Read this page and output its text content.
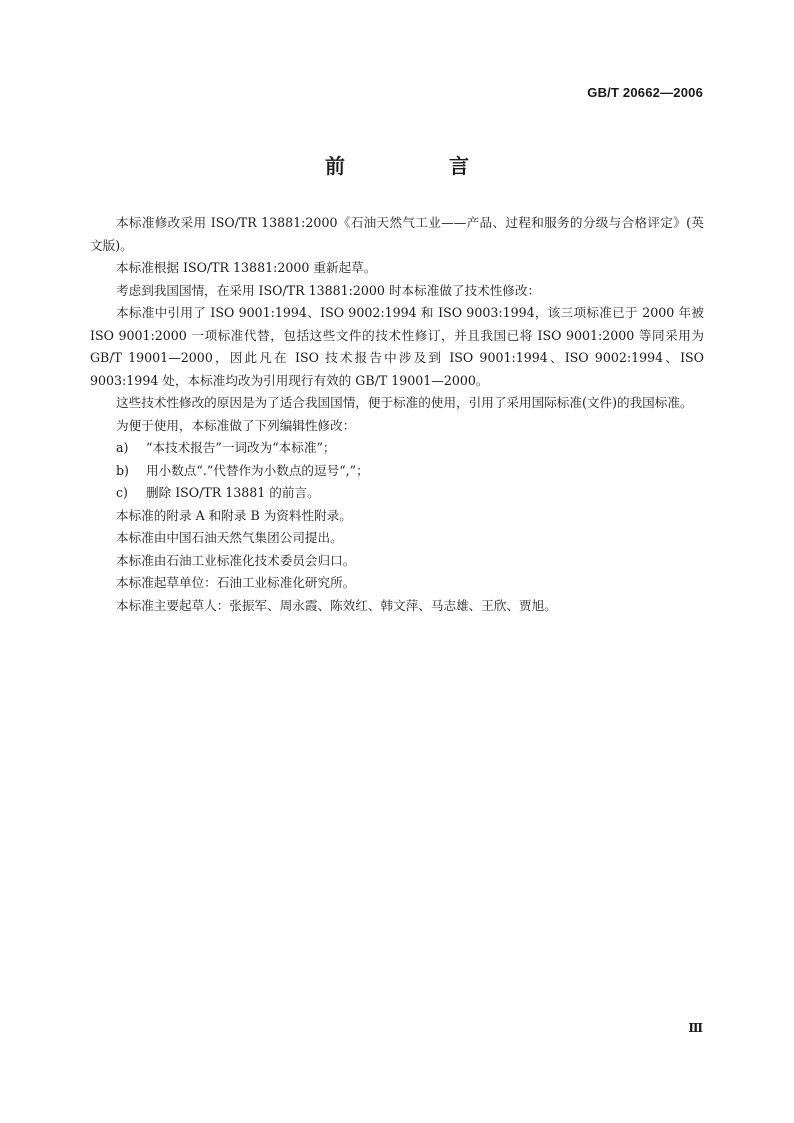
GB/T 20662—2006
前　言

本标准修改采用 ISO/TR 13881:2000《石油天然气工业——产品、过程和服务的分级与合格评定》(英文版)。

本标准根据 ISO/TR 13881:2000 重新起草。

考虑到我国国情，在采用 ISO/TR 13881:2000 时本标准做了技术性修改：

本标准中引用了 ISO 9001:1994、ISO 9002:1994 和 ISO 9003:1994，该三项标准已于 2000 年被 ISO 9001:2000 一项标准代替，包括这些文件的技术性修订，并且我国已将 ISO 9001:2000 等同采用为 GB/T 19001—2000，因此凡在 ISO 技术报告中涉及到 ISO 9001:1994、ISO 9002:1994、ISO 9003:1994 处，本标准均改为引用现行有效的 GB/T 19001—2000。

这些技术性修改的原因是为了适合我国国情，便于标准的使用，引用了采用国际标准(文件)的我国标准。

为便于使用，本标准做了下列编辑性修改：

a) “本技术报告”一词改为“本标准”；

b) 用小数点“.”代替作为小数点的逗号“,”；

c) 删除 ISO/TR 13881 的前言。

本标准的附录 A 和附录 B 为资料性附录。

本标准由中国石油天然气集团公司提出。

本标准由石油工业标准化技术委员会归口。

本标准起草单位：石油工业标准化研究所。

本标准主要起草人：张振军、周永霞、陈效红、韩文萍、马志雄、王欣、贾旭。

Ⅲ
